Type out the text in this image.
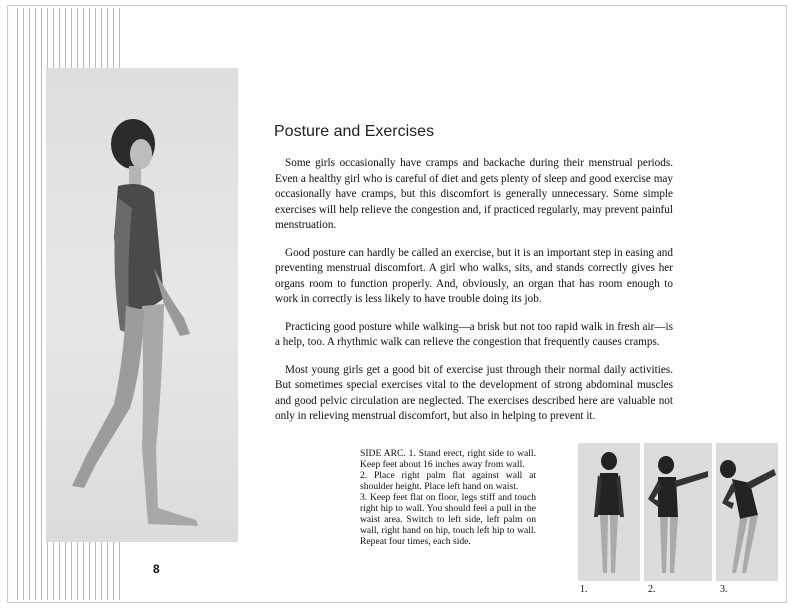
8
Posture and Exercises

Some girls occasionally have cramps and backache during their menstrual periods. Even a healthy girl who is careful of diet and gets plenty of sleep and good exercise may occasionally have cramps, but this discomfort is generally unnecessary. Some simple exercises will help relieve the congestion and, if practiced regularly, may prevent painful menstruation.

Good posture can hardly be called an exercise, but it is an important step in easing and preventing menstrual discomfort. A girl who walks, sits, and stands correctly gives her organs room to function properly. And, obviously, an organ that has room enough to work in correctly is less likely to have trouble doing its job.

Practicing good posture while walking—a brisk but not too rapid walk in fresh air—is a help, too. A rhythmic walk can relieve the congestion that frequently causes cramps.

Most young girls get a good bit of exercise just through their normal daily activities. But sometimes special exercises vital to the development of strong abdominal muscles and good pelvic circulation are neglected. The exercises described here are valuable not only in relieving menstrual discomfort, but also in helping to prevent it.

SIDE ARC. 1. Stand erect, right side to wall. Keep feet about 16 inches away from wall.

2. Place right palm flat against wall at shoulder height. Place left hand on waist.

3. Keep feet flat on floor, legs stiff and touch right hip to wall. You should feel a pull in the waist area. Switch to left side, left palm on wall, right hand on hip, touch left hip to wall. Repeat four times, each side.

1.	2.	3.
